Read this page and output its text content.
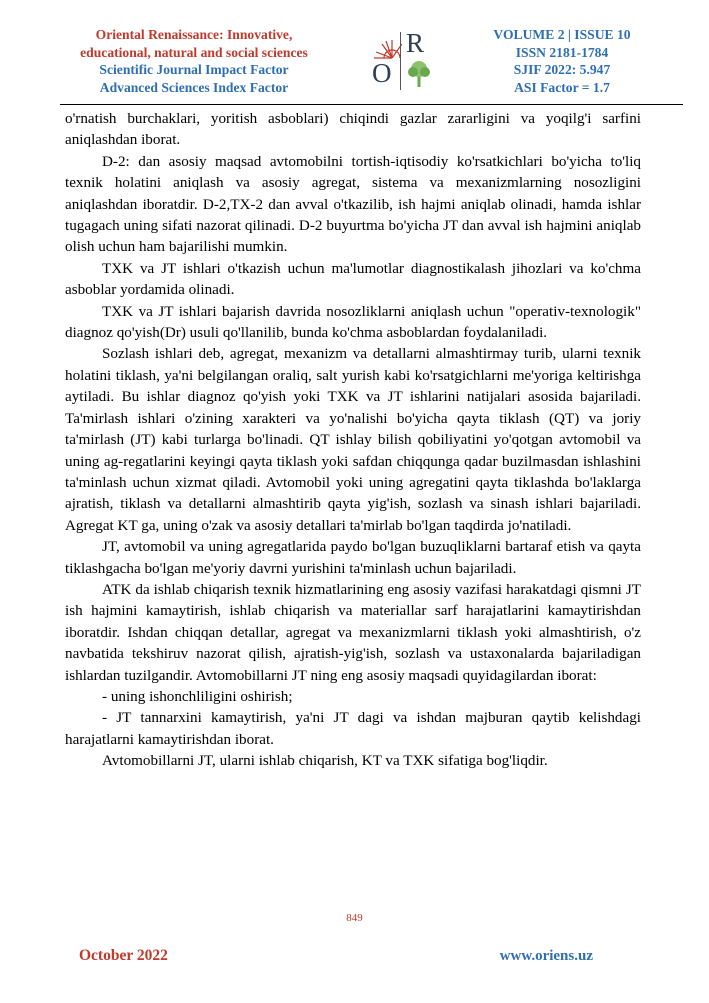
Oriental Renaissance: Innovative,
educational, natural and social sciences
Scientific Journal Impact Factor
Advanced Sciences Index Factor
R
O
VOLUME 2 | ISSUE 10
ISSN 2181-1784
SJIF 2022: 5.947
ASI Factor = 1.7

o'rnatish burchaklari, yoritish asboblari) chiqindi gazlar zararligini va yoqilg'i sarfini aniqlashdan iborat.

D-2: dan asosiy maqsad avtomobilni tortish-iqtisodiy ko'rsatkichlari bo'yicha to'liq texnik holatini aniqlash va asosiy agregat, sistema va mexanizmlarning nosozligini aniqlashdan iboratdir. D-2,TX-2 dan avval o'tkazilib, ish hajmi aniqlab olinadi, hamda ishlar tugagach uning sifati nazorat qilinadi. D-2 buyurtma bo'yicha JT dan avval ish hajmini aniqlab olish uchun ham bajarilishi mumkin.

TXK va JT ishlari o'tkazish uchun ma'lumotlar diagnostikalash jihozlari va ko'chma asboblar yordamida olinadi.

TXK va JT ishlari bajarish davrida nosozliklarni aniqlash uchun "operativ-texnologik" diagnoz qo'yish(Dr) usuli qo'llanilib, bunda ko'chma asboblardan foydalaniladi.

Sozlash ishlari deb, agregat, mexanizm va detallarni almashtirmay turib, ularni texnik holatini tiklash, ya'ni belgilangan oraliq, salt yurish kabi ko'rsatgichlarni me'yoriga keltirishga aytiladi. Bu ishlar diagnoz qo'yish yoki TXK va JT ishlarini natijalari asosida bajariladi. Ta'mirlash ishlari o'zining xarakteri va yo'nalishi bo'yicha qayta tiklash (QT) va joriy ta'mirlash (JT) kabi turlarga bo'linadi. QT ishlay bilish qobiliyatini yo'qotgan avtomobil va uning ag-regatlarini keyingi qayta tiklash yoki safdan chiqqunga qadar buzilmasdan ishlashini ta'minlash uchun xizmat qiladi. Avtomobil yoki uning agregatini qayta tiklashda bo'laklarga ajratish, tiklash va detallarni almashtirib qayta yig'ish, sozlash va sinash ishlari bajariladi. Agregat KT ga, uning o'zak va asosiy detallari ta'mirlab bo'lgan taqdirda jo'natiladi.

JT, avtomobil va uning agregatlarida paydo bo'lgan buzuqliklarni bartaraf etish va qayta tiklashgacha bo'lgan me'yoriy davrni yurishini ta'minlash uchun bajariladi.

ATK da ishlab chiqarish texnik hizmatlarining eng asosiy vazifasi harakatdagi qismni JT ish hajmini kamaytirish, ishlab chiqarish va materiallar sarf harajatlarini kamaytirishdan iboratdir. Ishdan chiqqan detallar, agregat va mexanizmlarni tiklash yoki almashtirish, o'z navbatida tekshiruv nazorat qilish, ajratish-yig'ish, sozlash va ustaxonalarda bajariladigan ishlardan tuzilgandir. Avtomobillarni JT ning eng asosiy maqsadi quyidagilardan iborat:

- uning ishonchliligini oshirish;

- JT tannarxini kamaytirish, ya'ni JT dagi va ishdan majburan qaytib kelishdagi harajatlarni kamaytirishdan iborat.

Avtomobillarni JT, ularni ishlab chiqarish, KT va TXK sifatiga bog'liqdir.

849
October 2022	www.oriens.uz
